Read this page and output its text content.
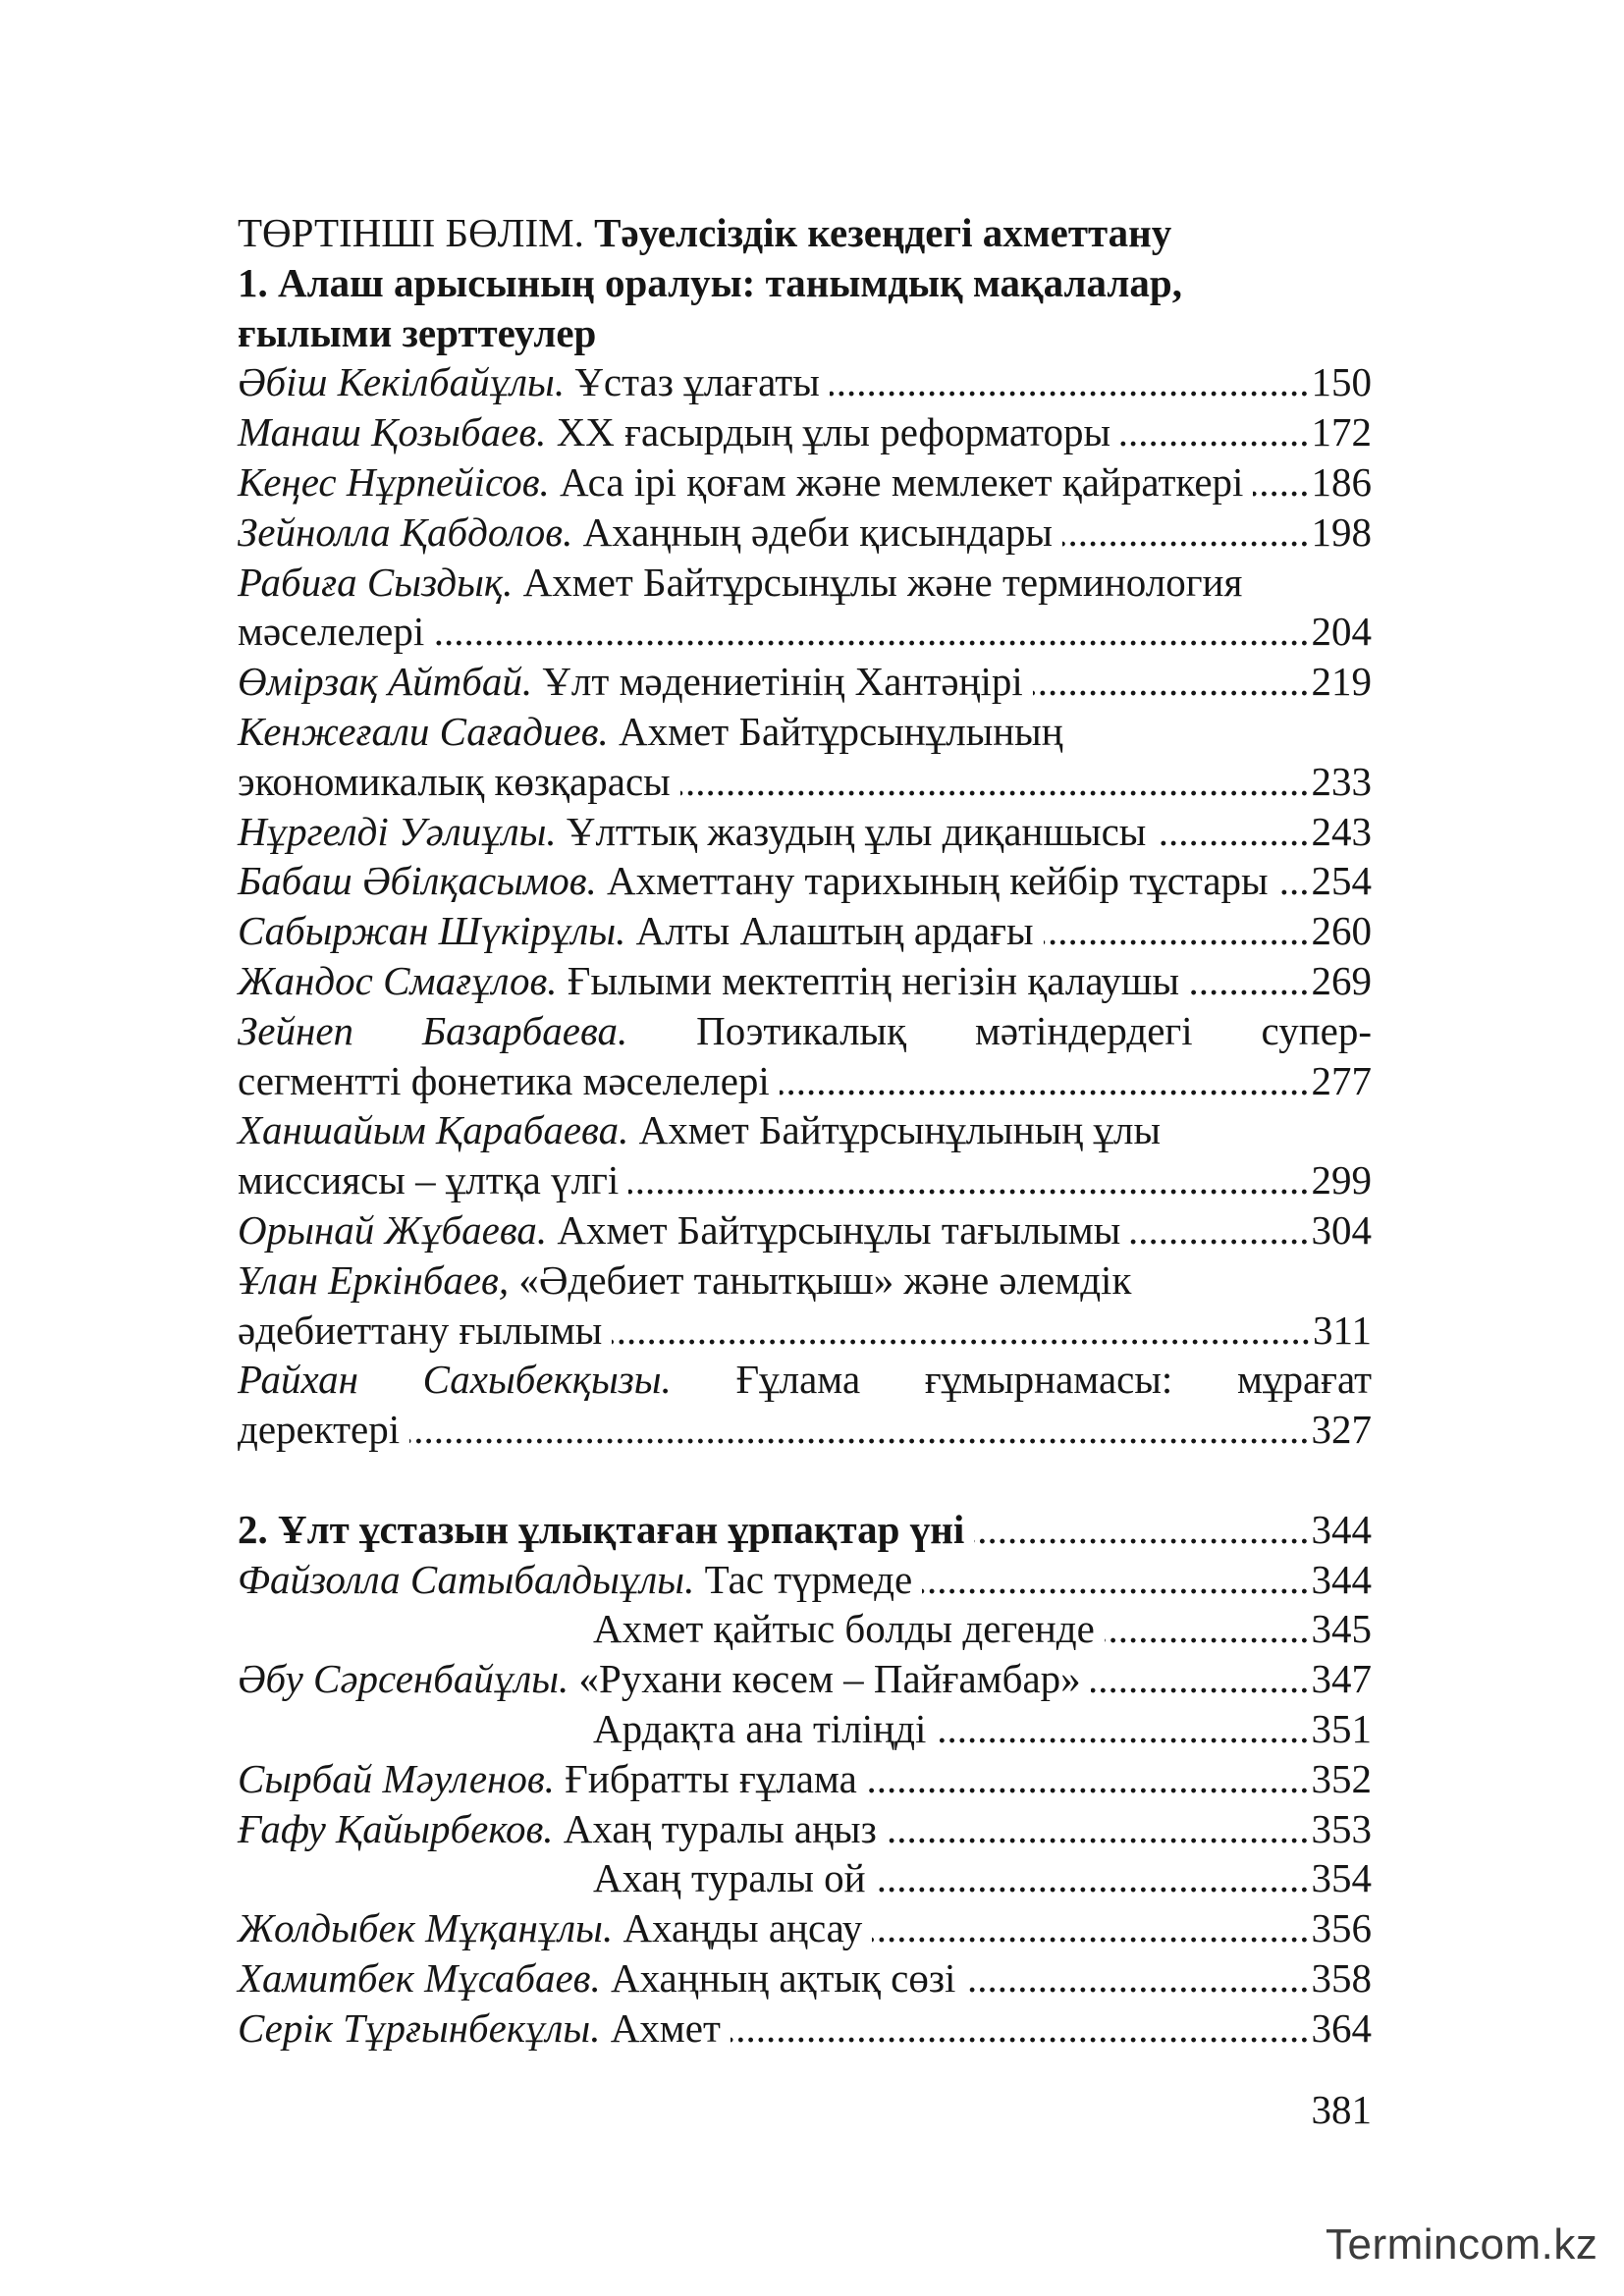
ТӨРТІНШІ БӨЛІМ. Тәуелсіздік кезеңдегі ахметтану
1. Алаш арысының оралуы: танымдық мақалалар,
ғылыми зерттеулер
Әбіш Кекілбайұлы. Ұстаз ұлағаты .....	150
Манаш Қозыбаев. XX ғасырдың ұлы реформаторы .....	172
Кеңес Нұрпейісов. Аса ірі қоғам және мемлекет қайраткері ..... 186
Зейнолла Қабдолов. Ахаңның әдеби қисындары .....	198
Рабиға Сыздық. Ахмет Байтұрсынұлы және терминология
мәселелері .....	204
Өмірзақ Айтбай. Ұлт мәдениетінің Хантәңірі .....	219
Кенжеғали Сағадиев. Ахмет Байтұрсынұлының
экономикалық көзқарасы .....	233
Нұргелді Уәлиұлы. Ұлттық жазудың ұлы диқаншысы .....	243
Бабаш Әбілқасымов. Ахметтану тарихының кейбір тұстары ..... 254
Сабыржан Шүкірұлы. Алты Алаштың ардағы .....	260
Жандос Смағұлов. Ғылыми мектептің негізін қалаушы .....	269
Зейнеп Базарбаева. Поэтикалық мәтіндердегі супер-
сегментті фонетика мәселелері .....	277
Ханшайым Қарабаева. Ахмет Байтұрсынұлының ұлы
миссиясы – ұлтқа үлгі .....	299
Орынай Жұбаева. Ахмет Байтұрсынұлы тағылымы .....	304
Ұлан Еркінбаев, «Әдебиет танытқыш» және әлемдік
әдебиеттану ғылымы .....	311
Райхан Сахыбекқызы. Ғұлама ғұмырнамасы: мұрағат
деректері .....	327
2. Ұлт ұстазын ұлықтаған ұрпақтар үні .....	344
Файзолла Сатыбалдыұлы. Тас түрмеде .....	344
Ахмет қайтыс болды дегенде .....	345
Әбу Сәрсенбайұлы. «Рухани көсем – Пайғамбар» .....	347
Ардақта ана тіліңді .....	351
Сырбай Мәуленов. Ғибратты ғұлама .....	352
Ғафу Қайырбеков. Ахаң туралы аңыз .....	353
Ахаң туралы ой .....	354
Жолдыбек Мұқанұлы. Ахаңды аңсау .....	356
Хамитбек Мұсабаев. Ахаңның ақтық сөзі .....	358
Серік Тұрғынбекұлы. Ахмет .....	364
381
Termincom.kz
